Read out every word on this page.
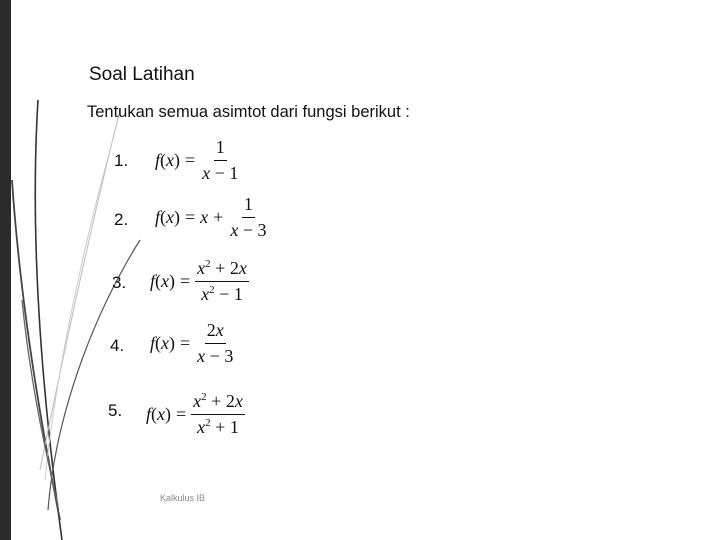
Soal Latihan
Tentukan semua asimtot dari fungsi berikut :
1. $f(x) = \frac{1}{x - 1}$
2. $f(x) = x + \frac{1}{x - 3}$
3. $f(x) = \frac{x^2 + 2x}{x^2 - 1}$
4. $f(x) = \frac{2x}{x - 3}$
5. $f(x) = \frac{x^2 + 2x}{x^2 + 1}$
Kalkulus IB
